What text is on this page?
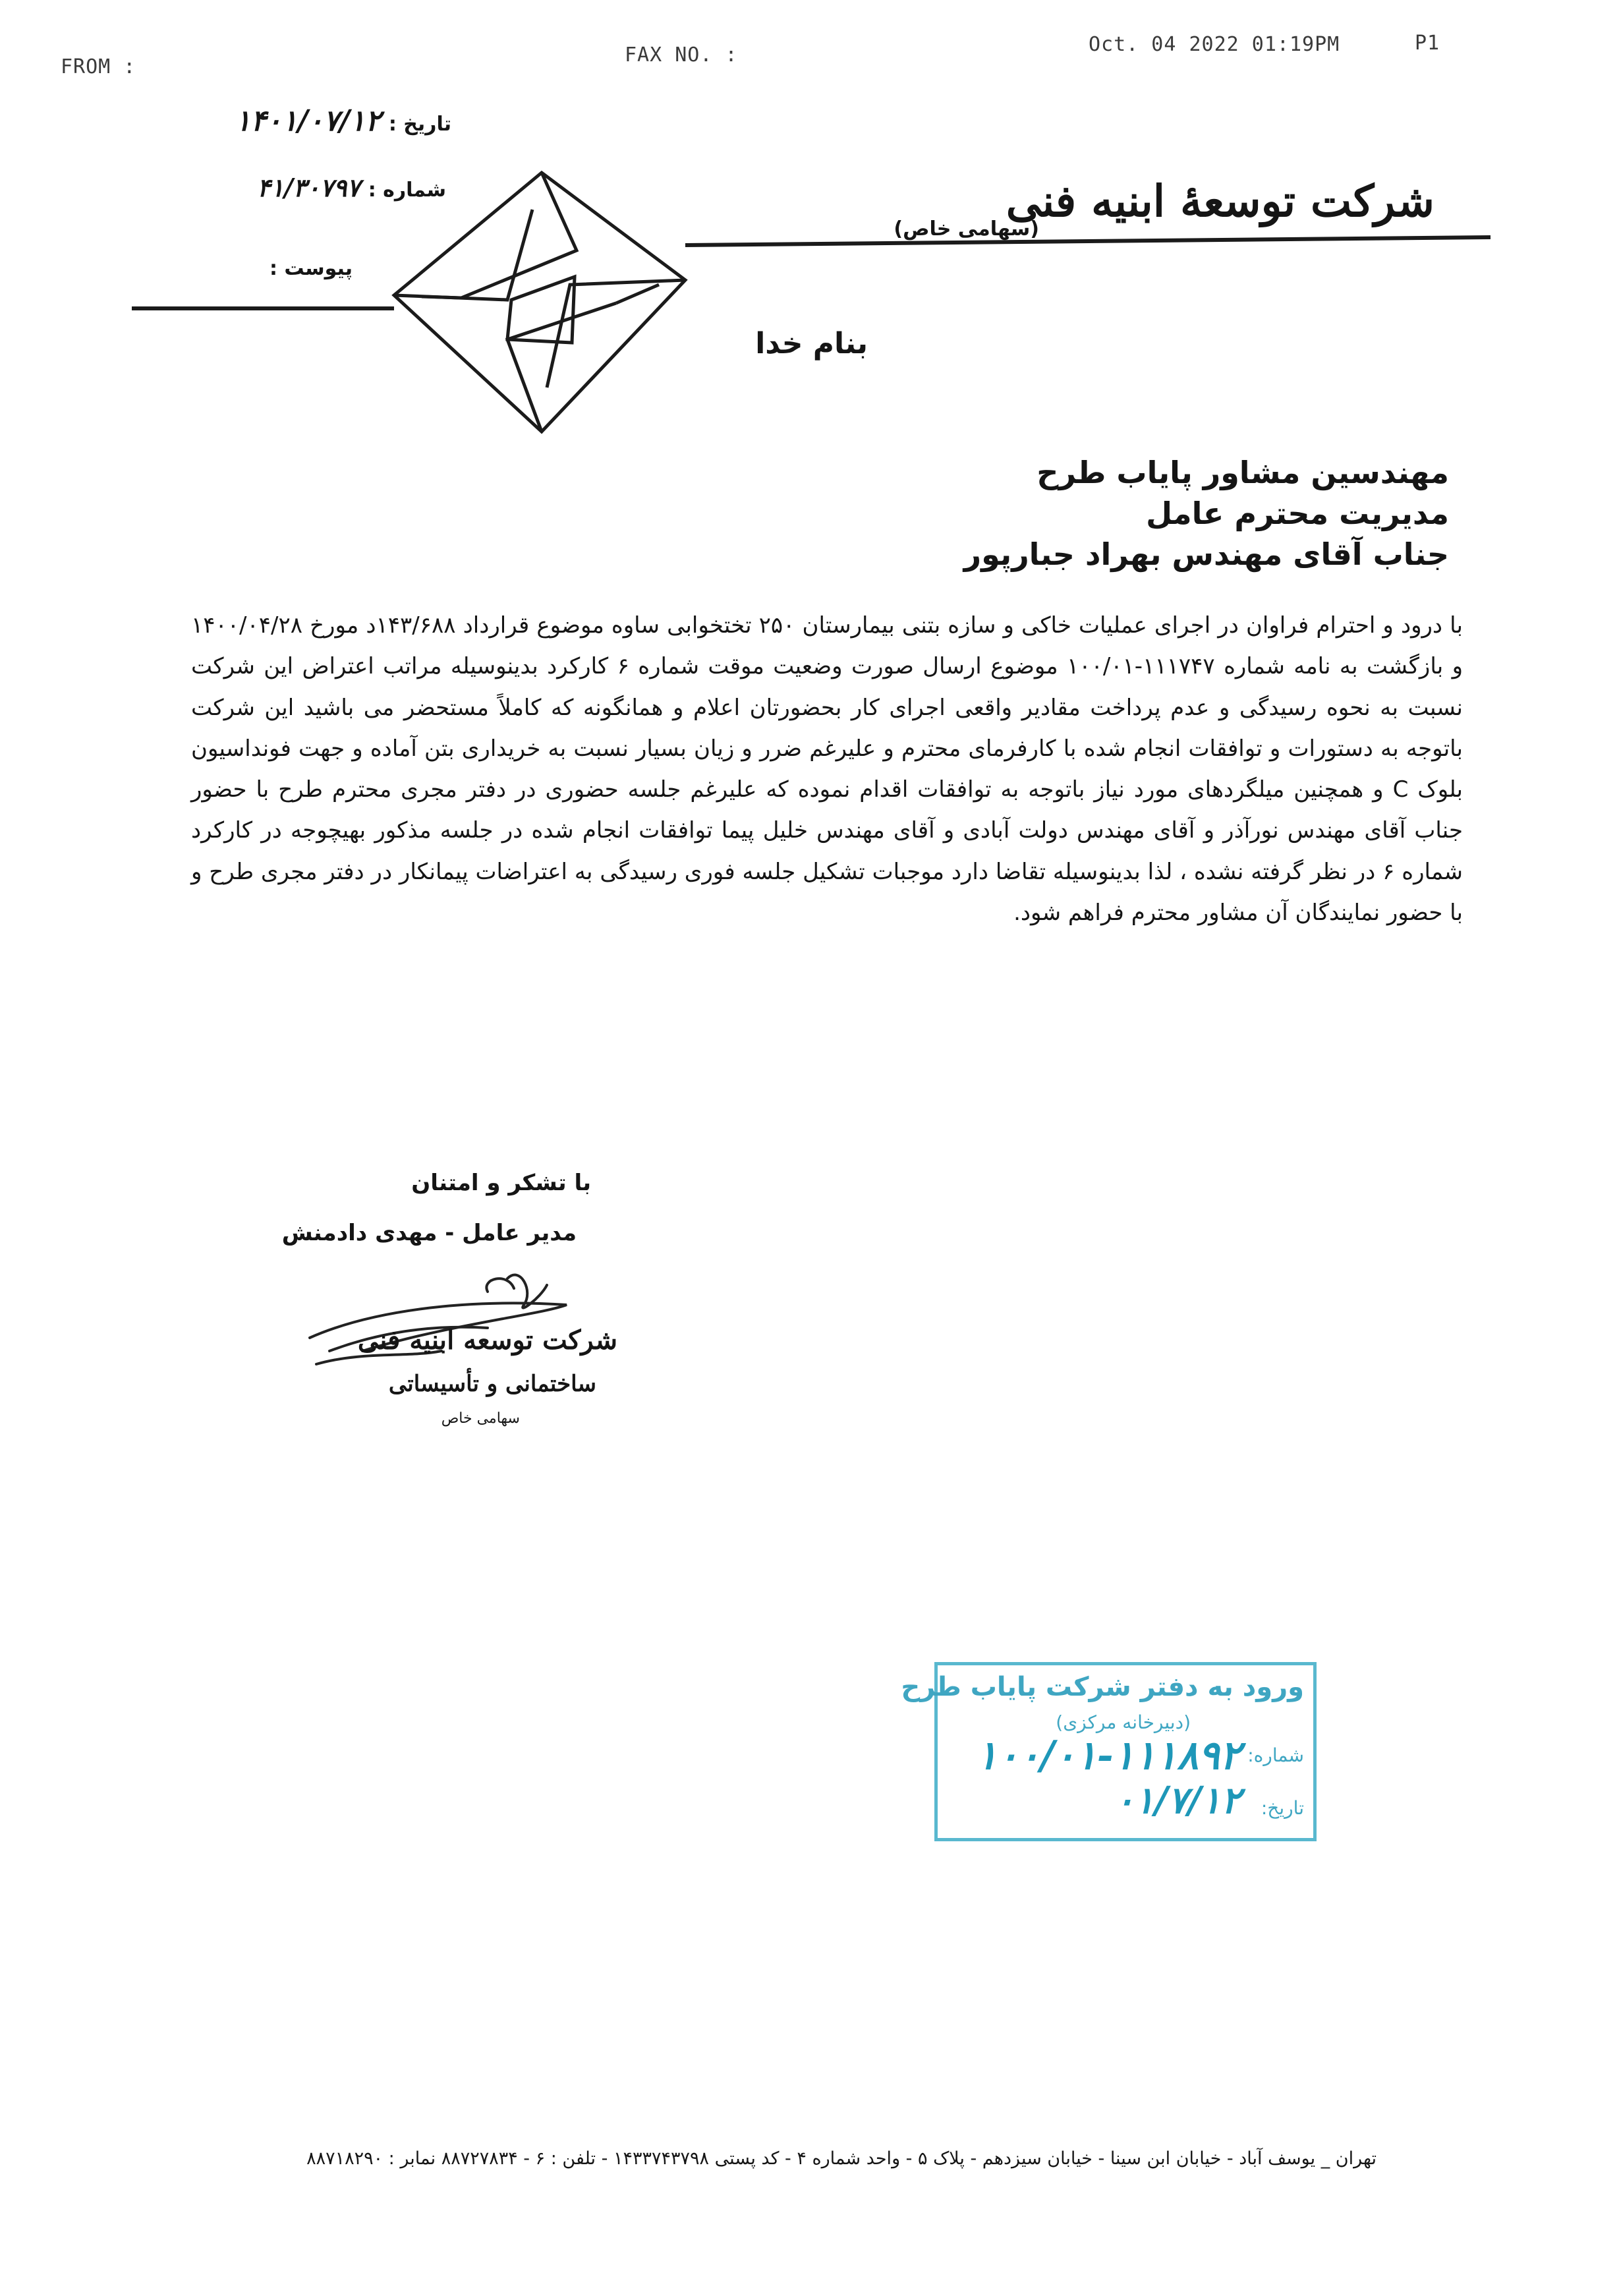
FROM :
FAX NO. :	Oct. 04 2022 01:19PM	P1
تاریخ : ۱۴۰۱/۰۷/۱۲
شماره : ۴۱/۳۰۷۹۷
پیوست :
شرکت توسعهٔ ابنیه فنی
(سهامی خاص)
بنام خدا
مهندسین مشاور پایاب طرح
مدیریت محترم عامل
جناب آقای مهندس بهراد جبارپور
با درود و احترام فراوان در اجرای عملیات خاکی و سازه بتنی بیمارستان ۲۵۰ تختخوابی ساوه موضوع قرارداد ۱۴۳/۶۸۸د مورخ ۱۴۰۰/۰۴/۲۸ و بازگشت به نامه شماره ۱۱۱۷۴۷-۱۰۰/۰۱ موضوع ارسال صورت وضعیت موقت شماره ۶ کارکرد بدینوسیله مراتب اعتراض این شرکت نسبت به نحوه رسیدگی و عدم پرداخت مقادیر واقعی اجرای کار بحضورتان اعلام و همانگونه که کاملاً مستحضر می باشید این شرکت باتوجه به دستورات و توافقات انجام شده با کارفرمای محترم و علیرغم ضرر و زیان بسیار نسبت به خریداری بتن آماده و جهت فونداسیون بلوک C و همچنین میلگردهای مورد نیاز باتوجه به توافقات اقدام نموده که علیرغم جلسه حضوری در دفتر مجری محترم طرح با حضور جناب آقای مهندس نورآذر و آقای مهندس دولت آبادی و آقای مهندس خلیل پیما توافقات انجام شده در جلسه مذکور بهیچوجه در کارکرد شماره ۶ در نظر گرفته نشده ، لذا بدینوسیله تقاضا دارد موجبات تشکیل جلسه فوری رسیدگی به اعتراضات پیمانکار در دفتر مجری طرح و با حضور نمایندگان آن مشاور محترم فراهم شود.
با تشکر و امتنان
مدیر عامل - مهدی دادمنش
شرکت توسعه ابنیه فنی
ساختمانی و تأسیساتی
سهامی خاص
ورود به دفتر شرکت پایاب طرح
(دبیرخانه مرکزی)
شماره:
۱۰۰/۰۱-۱۱۱۸۹۲
تاریخ:
۰۱/۷/۱۲
تهران _ یوسف آباد - خیابان ابن سینا - خیابان سیزدهم - پلاک ۵ - واحد شماره ۴ - کد پستی ۱۴۳۳۷۴۳۷۹۸ - تلفن : ۶ - ۸۸۷۲۷۸۳۴ نمابر : ۸۸۷۱۸۲۹۰
